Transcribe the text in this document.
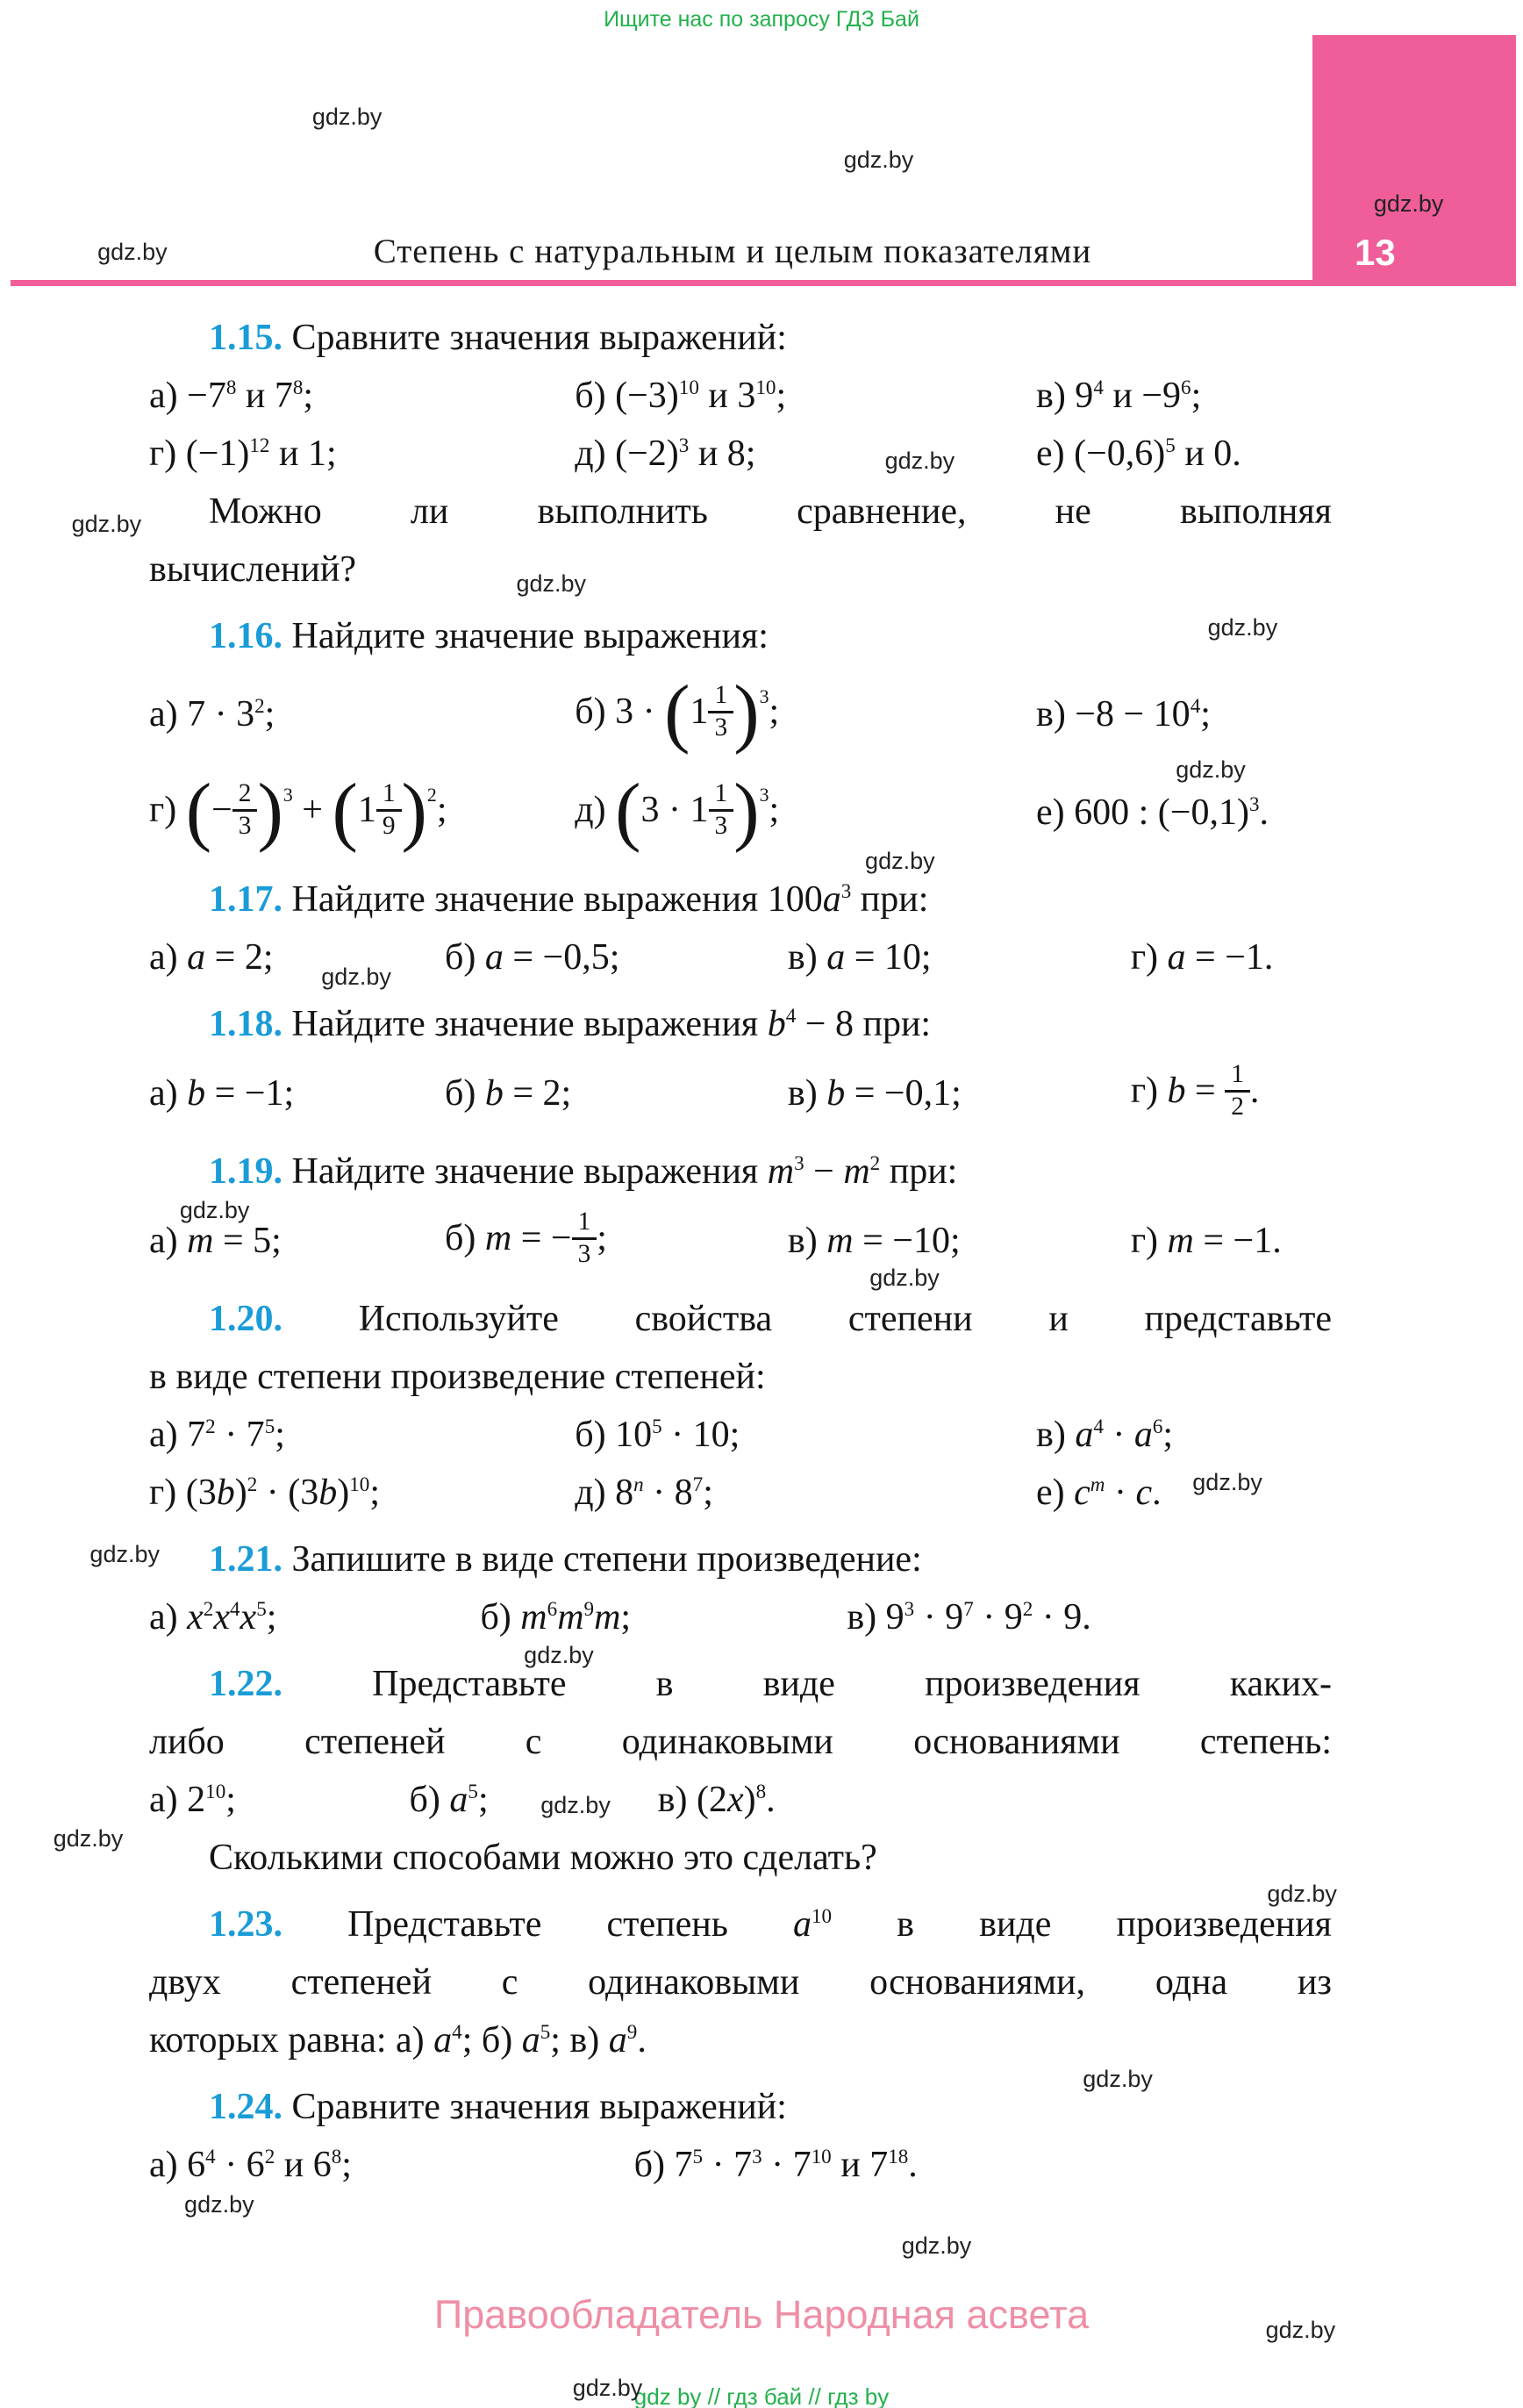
Ищите нас по запросу ГДЗ Бай
13
Степень с натуральным и целым показателями

1.15. Сравните значения выражений:

$а) -7^8$ и $7^8$;	б) $(-3)^{10}$ и $3^{10}$;	в) $9^4$ $и -9^6$;
г) $(-1)^{12}$ и 1;	д) $(-2)^3$ и 8;	е) $(-0,6)^5$ и 0.

Можно ли выполнить сравнение, не выполняявычислений?

1.16. Найдите значение выражения:

а) $7 \cdot 3^2$;	б) $3 \cdot (1 \frac{1}{3} )^3$;	$в) -8 - 10^4$;
г) (− $\frac{2}{3} )^3 + (1 \frac{1}{9} )^2$;	д) $(3 \cdot 1 \frac{1}{3} )^3$;	е) 600 : $(-0,1)^3$.

1.17. Найдите значение выражения $100a^3$ при:

а) a = 2;	б) a = −0,5;	в) a = 10;	г) a = −1.

1.18. Найдите значение выражения $b^4 - 8$ при:

а) b = −1;	б) b = 2;	в) b = −0,1;	г) $b = \frac{1}{2}$ .

1.19. Найдите значение выражения $m^3 - m^2$ при:

а) m = 5;	б) m = − $\frac{1}{3}$ ;	в) m = −10;	г) m = −1.

1.20. Используйте свойства степени и представьтев виде степени произведение степеней:

а) $7^2 \cdot 7^5$;	б) $10^5 \cdot 10$;	в) $a^4 \cdot a^6$;
г) $(3b)^2 \cdot (3b)^{10}$;	д) $8^n \cdot 8^7$;	е) $c^m \cdot c$.

1.21. Запишите в виде степени произведение:

а) $x^2x^4x^5$;	б) $m^6m^9m$;	в) $9^3 \cdot 9^7 \cdot 9^2 \cdot 9$.

1.22. Представьте в виде произведения каких-либо степеней с одинаковыми основаниями степень:

а) $2^{10}$;	б) $a^5$;	в) $(2x)^8$.

Сколькими способами можно это сделать?

1.23. Представьте степень $a^{10}$ в виде произведениядвух степеней с одинаковыми основаниями, одна изкоторых равна: а) $a^4$; б) $a^5$; в) $a^9$.

1.24. Сравните значения выражений:

а) $6^4 \cdot 6^2$ и $6^8$;	б) $7^5 \cdot 7^3 \cdot 7^{10}$ и $7^{18}$.
Правообладатель Народная асвета
gdz by // гдз бай // гдз by
gdz.by
gdz.by
gdz.by
gdz.by
gdz.by
gdz.by
gdz.by
gdz.by
gdz.by
gdz.by
gdz.by
gdz.by
gdz.by
gdz.by
gdz.by
gdz.by
gdz.by
gdz.by
gdz.by
gdz.by
gdz.by
gdz.by
gdz.by
gdz.by
